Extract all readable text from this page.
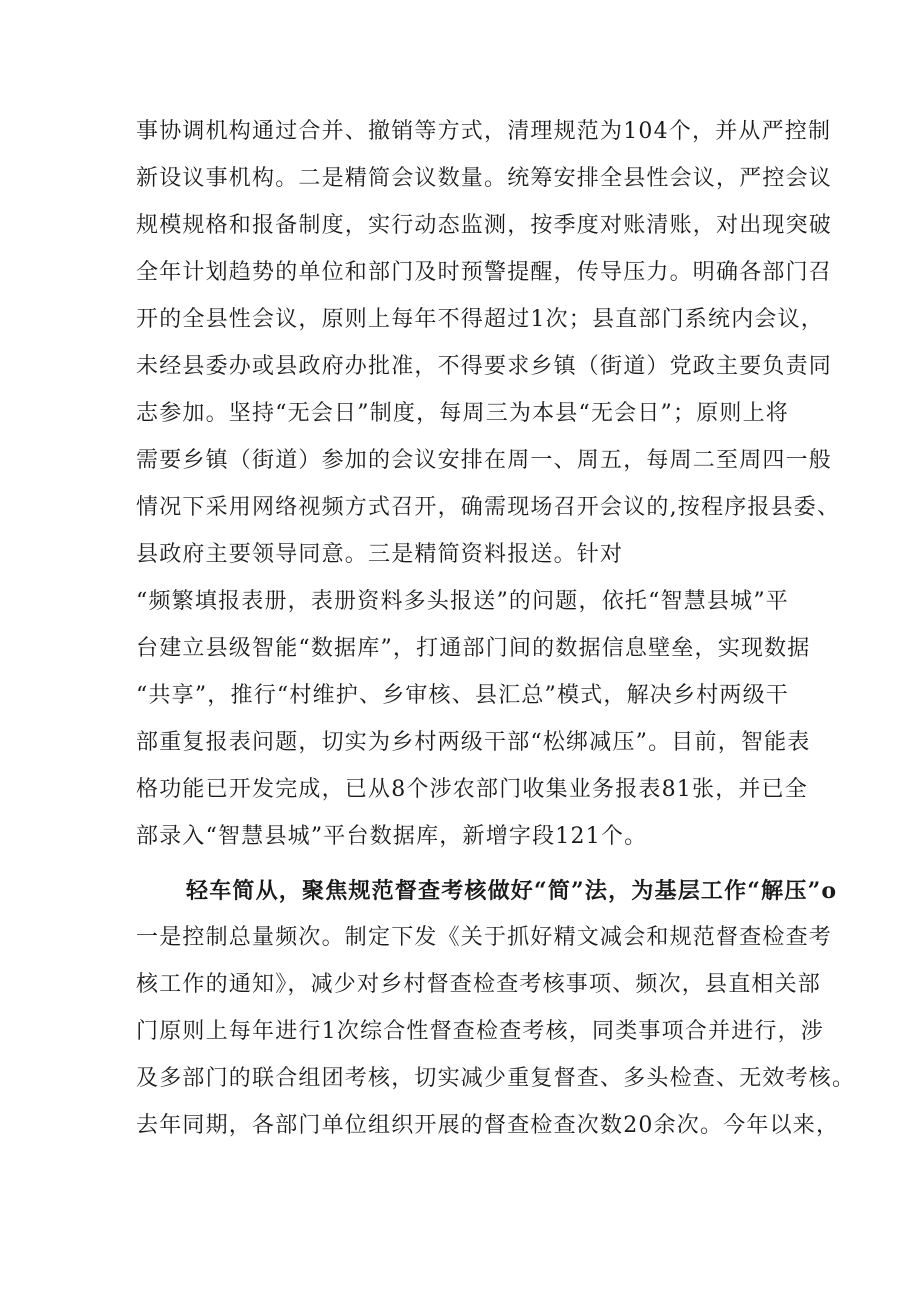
事协调机构通过合并、撤销等方式，清理规范为104个，并从严控制
新设议事机构。二是精简会议数量。统筹安排全县性会议，严控会议
规模规格和报备制度，实行动态监测，按季度对账清账，对出现突破
全年计划趋势的单位和部门及时预警提醒，传导压力。明确各部门召
开的全县性会议，原则上每年不得超过1次；县直部门系统内会议，
未经县委办或县政府办批准，不得要求乡镇（街道）党政主要负责同
志参加。坚持“无会日”制度，每周三为本县“无会日”；原则上将
需要乡镇（街道）参加的会议安排在周一、周五，每周二至周四一般
情况下采用网络视频方式召开，确需现场召开会议的,按程序报县委、
县政府主要领导同意。三是精简资料报送。针对
“频繁填报表册，表册资料多头报送”的问题，依托“智慧县城”平
台建立县级智能“数据库”，打通部门间的数据信息壁垒，实现数据
“共享”，推行“村维护、乡审核、县汇总”模式，解决乡村两级干
部重复报表问题，切实为乡村两级干部“松绑减压”。目前，智能表
格功能已开发完成，已从8个涉农部门收集业务报表81张，并已全
部录入“智慧县城”平台数据库，新增字段121个。
轻车简从，聚焦规范督查考核做好“简”法，为基层工作“解压”o
一是控制总量频次。制定下发《关于抓好精文减会和规范督查检查考
核工作的通知》，减少对乡村督查检查考核事项、频次，县直相关部
门原则上每年进行1次综合性督查检查考核，同类事项合并进行，涉
及多部门的联合组团考核，切实减少重复督查、多头检查、无效考核。
去年同期，各部门单位组织开展的督查检查次数20余次。今年以来，
